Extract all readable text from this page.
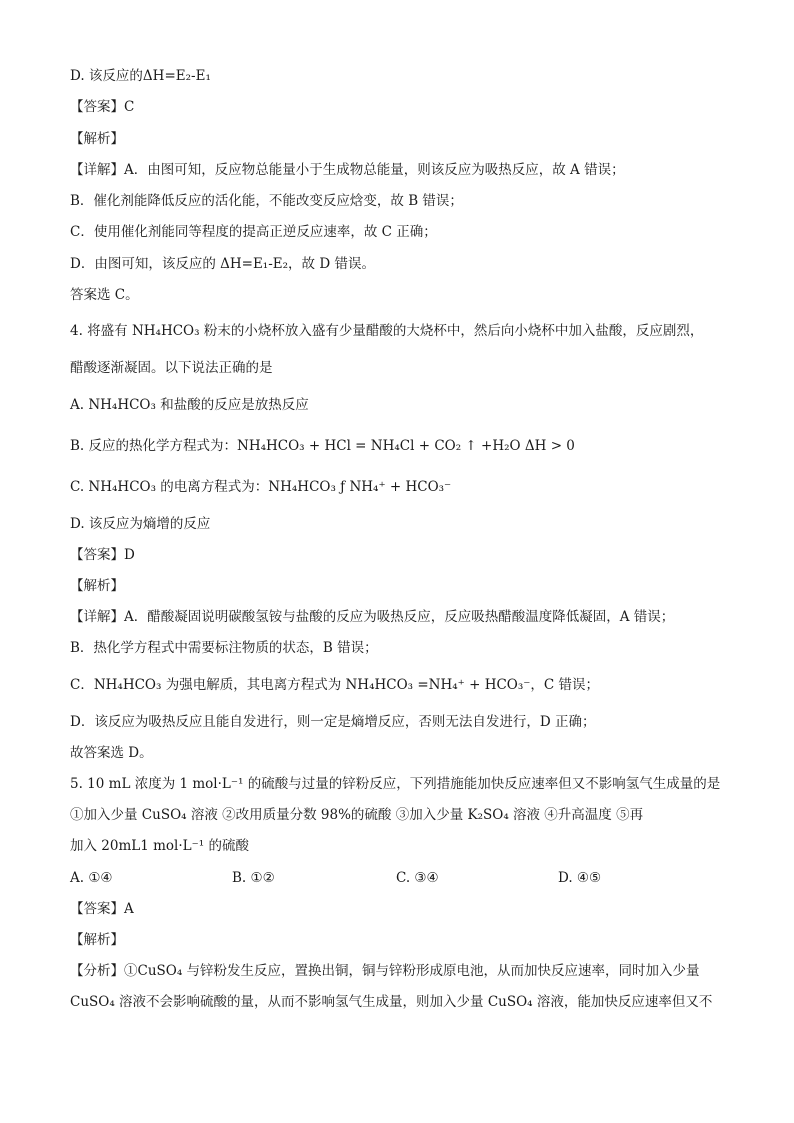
D. 该反应的ΔH=E₂-E₁
【答案】C
【解析】
【详解】A．由图可知，反应物总能量小于生成物总能量，则该反应为吸热反应，故 A 错误；
B．催化剂能降低反应的活化能，不能改变反应焓变，故 B 错误；
C．使用催化剂能同等程度的提高正逆反应速率，故 C 正确；
D．由图可知，该反应的 ΔH=E₁-E₂，故 D 错误。
答案选 C。
4. 将盛有 NH₄HCO₃ 粉末的小烧杯放入盛有少量醋酸的大烧杯中，然后向小烧杯中加入盐酸，反应剧烈，
醋酸逐渐凝固。以下说法正确的是
A. NH₄HCO₃ 和盐酸的反应是放热反应
B. 反应的热化学方程式为：NH₄HCO₃ + HCl = NH₄Cl + CO₂ ↑ +H₂O ΔH > 0
C. NH₄HCO₃ 的电离方程式为：NH₄HCO₃ ƒ NH₄⁺ + HCO₃⁻
D. 该反应为熵增的反应
【答案】D
【解析】
【详解】A．醋酸凝固说明碳酸氢铵与盐酸的反应为吸热反应，反应吸热醋酸温度降低凝固，A 错误；
B．热化学方程式中需要标注物质的状态，B 错误；
C．NH₄HCO₃ 为强电解质，其电离方程式为 NH₄HCO₃ =NH₄⁺ + HCO₃⁻，C 错误；
D．该反应为吸热反应且能自发进行，则一定是熵增反应，否则无法自发进行，D 正确；
故答案选 D。
5. 10 mL 浓度为 1 mol·L⁻¹ 的硫酸与过量的锌粉反应，下列措施能加快反应速率但又不影响氢气生成量的是
①加入少量 CuSO₄ 溶液 ②改用质量分数 98%的硫酸 ③加入少量 K₂SO₄ 溶液 ④升高温度 ⑤再
加入 20mL1 mol·L⁻¹ 的硫酸
A. ①④	B. ①②	C. ③④	D. ④⑤
【答案】A
【解析】
【分析】①CuSO₄ 与锌粉发生反应，置换出铜，铜与锌粉形成原电池，从而加快反应速率，同时加入少量
CuSO₄ 溶液不会影响硫酸的量，从而不影响氢气生成量，则加入少量 CuSO₄ 溶液，能加快反应速率但又不
